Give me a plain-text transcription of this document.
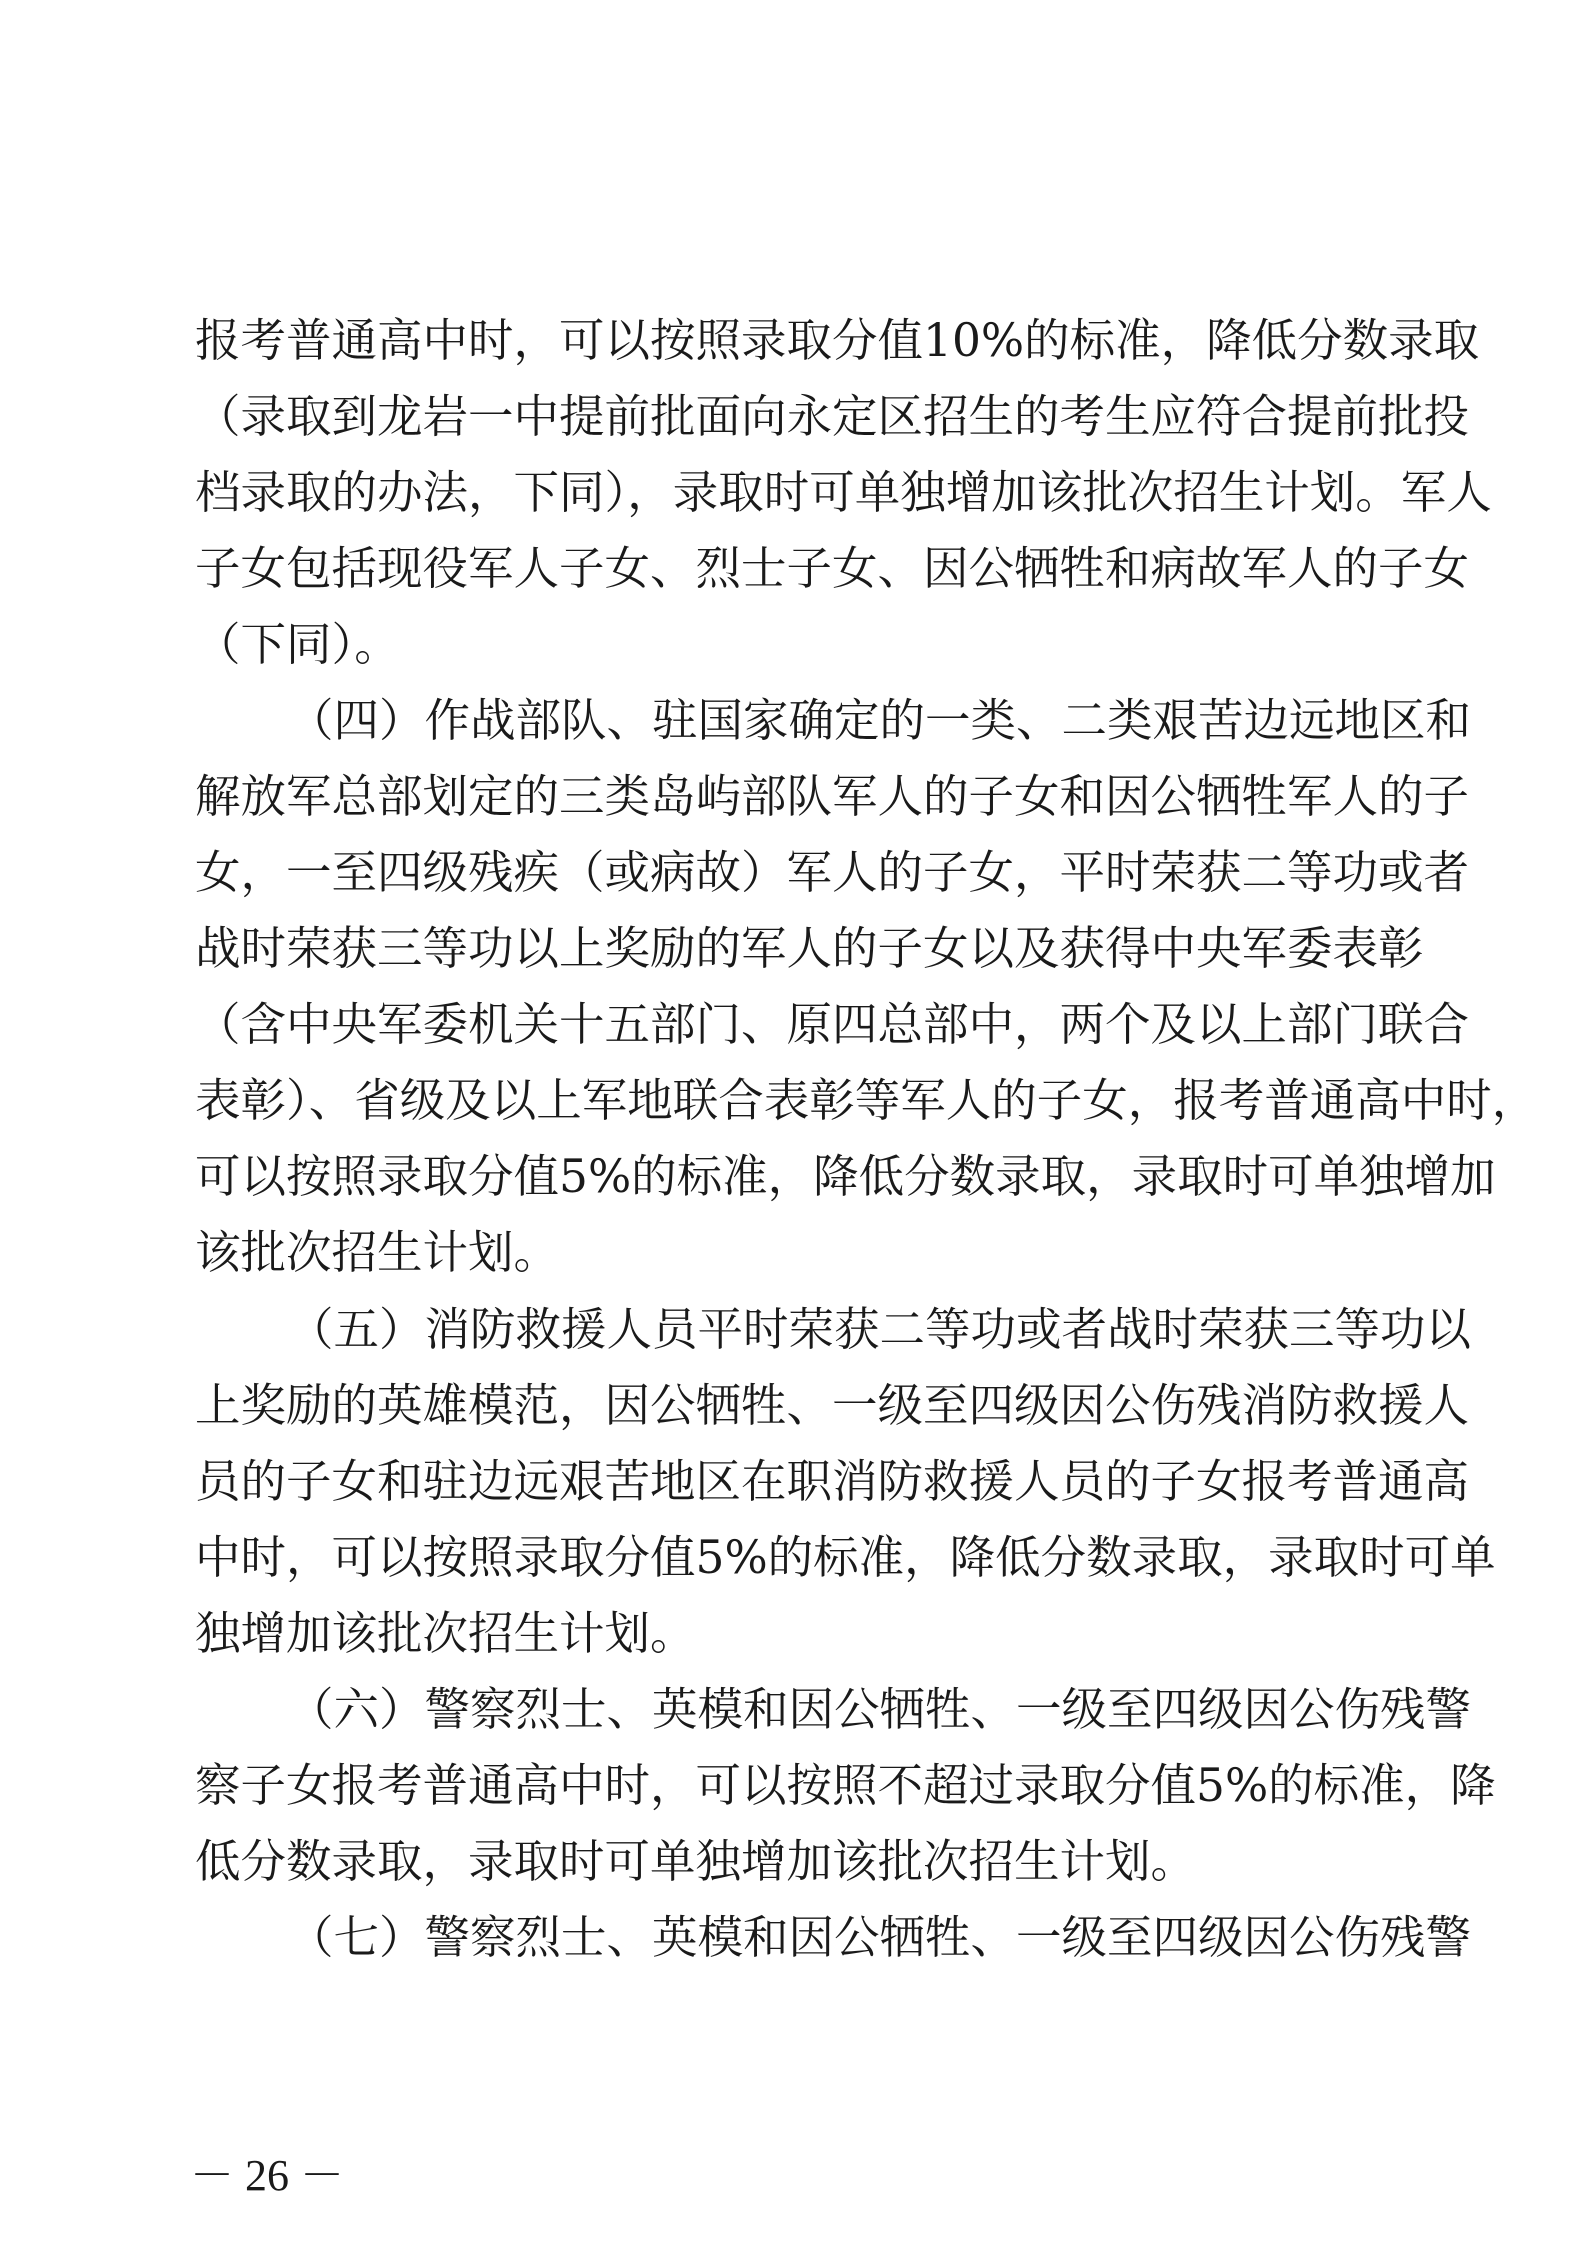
报考普通高中时，可以按照录取分值10%的标准，降低分数录取
（录取到龙岩一中提前批面向永定区招生的考生应符合提前批投
档录取的办法，下同），录取时可单独增加该批次招生计划。军人
子女包括现役军人子女、烈士子女、因公牺牲和病故军人的子女
（下同）。
（四）作战部队、驻国家确定的一类、二类艰苦边远地区和
解放军总部划定的三类岛屿部队军人的子女和因公牺牲军人的子
女，一至四级残疾（或病故）军人的子女，平时荣获二等功或者
战时荣获三等功以上奖励的军人的子女以及获得中央军委表彰
（含中央军委机关十五部门、原四总部中，两个及以上部门联合
表彰）、省级及以上军地联合表彰等军人的子女，报考普通高中时，
可以按照录取分值5%的标准，降低分数录取，录取时可单独增加
该批次招生计划。
（五）消防救援人员平时荣获二等功或者战时荣获三等功以
上奖励的英雄模范，因公牺牲、一级至四级因公伤残消防救援人
员的子女和驻边远艰苦地区在职消防救援人员的子女报考普通高
中时，可以按照录取分值5%的标准，降低分数录取，录取时可单
独增加该批次招生计划。
（六）警察烈士、英模和因公牺牲、一级至四级因公伤残警
察子女报考普通高中时，可以按照不超过录取分值5%的标准，降
低分数录取，录取时可单独增加该批次招生计划。
（七）警察烈士、英模和因公牺牲、一级至四级因公伤残警
－ 26 －
